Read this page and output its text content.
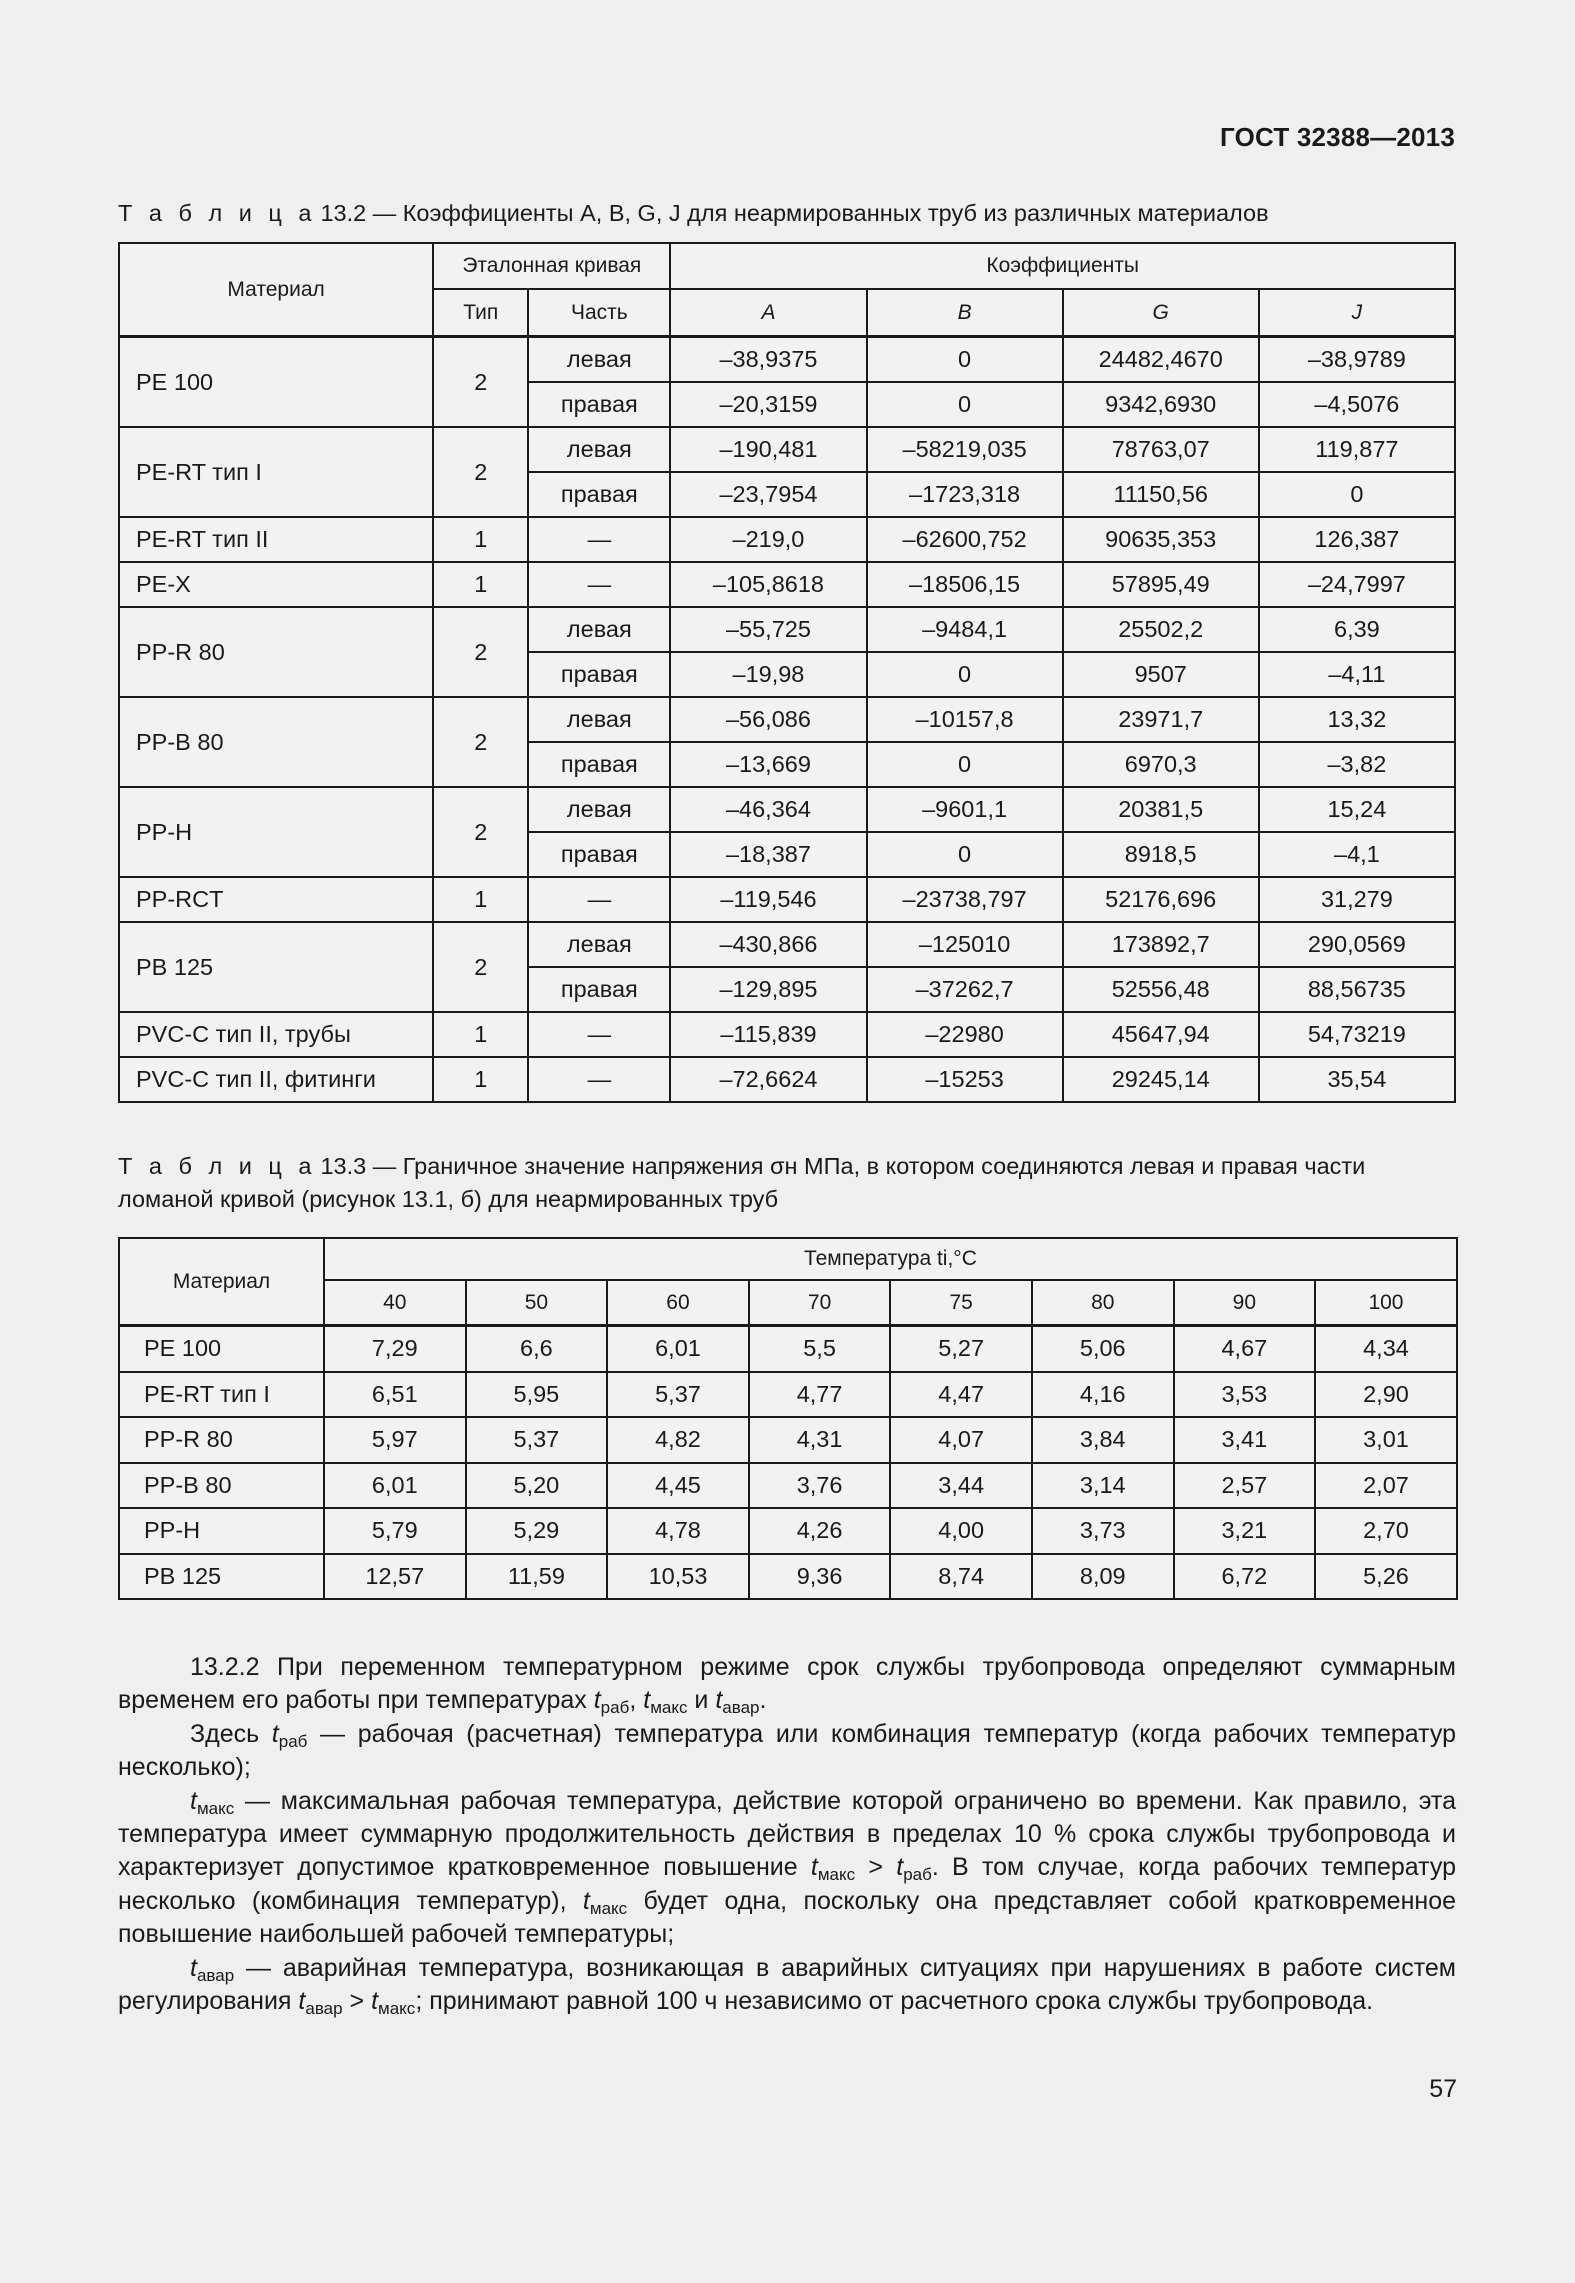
ГОСТ 32388—2013
Т а б л и ц а 13.2 — Коэффициенты A, B, G, J для неармированных труб из различных материалов
Материал	Эталонная кривая		Коэффициенты			
	Тип	Часть	A	B	G	J
PE 100	2	левая	–38,9375	0	24482,4670	–38,9789
		правая	–20,3159	0	9342,6930	–4,5076
PE-RT тип I	2	левая	–190,481	–58219,035	78763,07	119,877
		правая	–23,7954	–1723,318	11150,56	0
PE-RT тип II	1	—	–219,0	–62600,752	90635,353	126,387
PE-X	1	—	–105,8618	–18506,15	57895,49	–24,7997
PP-R 80	2	левая	–55,725	–9484,1	25502,2	6,39
		правая	–19,98	0	9507	–4,11
PP-B 80	2	левая	–56,086	–10157,8	23971,7	13,32
		правая	–13,669	0	6970,3	–3,82
PP-H	2	левая	–46,364	–9601,1	20381,5	15,24
		правая	–18,387	0	8918,5	–4,1
PP-RCT	1	—	–119,546	–23738,797	52176,696	31,279
PB 125	2	левая	–430,866	–125010	173892,7	290,0569
		правая	–129,895	–37262,7	52556,48	88,56735
PVC-C тип II, трубы	1	—	–115,839	–22980	45647,94	54,73219
PVC-C тип II, фитинги	1	—	–72,6624	–15253	29245,14	35,54
Т а б л и ц а 13.3 — Граничное значение напряжения σн МПа, в котором соединяются левая и правая части
ломаной кривой (рисунок 13.1, б) для неармированных труб
Материал	Температура ti,°C							
	40	50	60	70	75	80	90	100
PE 100	7,29	6,6	6,01	5,5	5,27	5,06	4,67	4,34
PE-RT тип I	6,51	5,95	5,37	4,77	4,47	4,16	3,53	2,90
PP-R 80	5,97	5,37	4,82	4,31	4,07	3,84	3,41	3,01
PP-B 80	6,01	5,20	4,45	3,76	3,44	3,14	2,57	2,07
PP-H	5,79	5,29	4,78	4,26	4,00	3,73	3,21	2,70
PB 125	12,57	11,59	10,53	9,36	8,74	8,09	6,72	5,26

13.2.2 При переменном температурном режиме срок службы трубопровода определяют суммарным временем его работы при температурах $t_{раб}$, $t_{макс}$ и $t_{авар}$.

Здесь $t_{раб}$ — рабочая (расчетная) температура или комбинация температур (когда рабочих температур несколько);

$t_{макс}$ — максимальная рабочая температура, действие которой ограничено во времени. Как правило, эта температура имеет суммарную продолжительность действия в пределах 10 % срока службы трубопровода и характеризует допустимое кратковременное повышение $t_{макс} > t_{раб}$. В том случае, когда рабочих температур несколько (комбинация температур), $t_{макс}$ будет одна, поскольку она представляет собой кратковременное повышение наибольшей рабочей температуры;

$t_{авар}$ — аварийная температура, возникающая в аварийных ситуациях при нарушениях в работе систем регулирования $t_{авар} > t_{макс}$; принимают равной 100 ч независимо от расчетного срока службы трубопровода.

57
